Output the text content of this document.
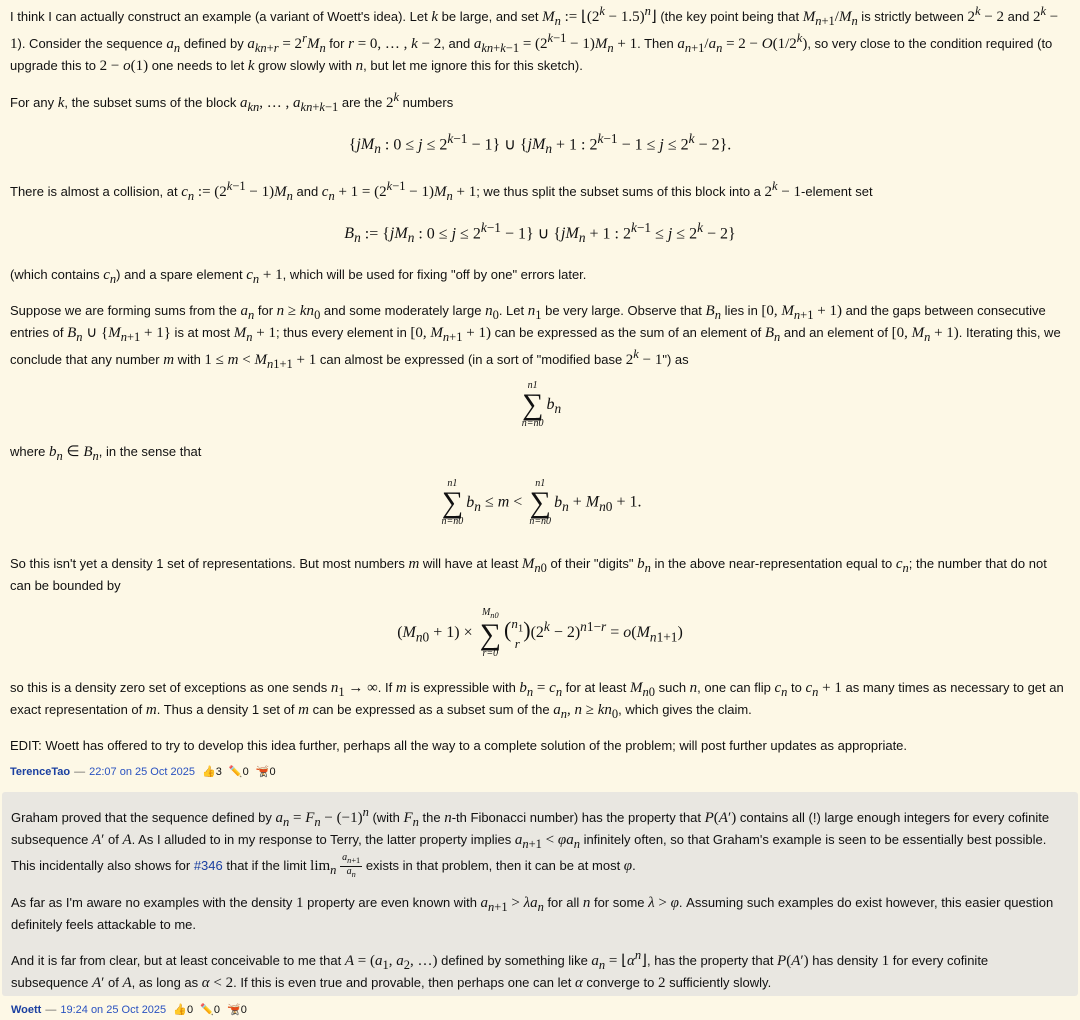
I think I can actually construct an example (a variant of Woett's idea). Let k be large, and set $M_n$ := $⌊(2^k$ − 1.5)$^n$⌋ (the key point being that $M_{n+1}/M_n$ is strictly between $2^k - 2$ and $2^k - 1$). Consider the sequence $a_n$ defined by $a_{kn+r} = 2^rM_n$ for r = 0, … , k − 2, and $a_{kn+k-1} = (2^{k-1} - 1)M_n + 1$. Then $a_{n+1}/a_n = 2 - O(1/2^k)$, so very close to the condition required (to upgrade this to 2 − o(1) one needs to let k grow slowly with n, but let me ignore this for this sketch).

For any k, the subset sums of the block $a_{kn}$, … , $a_{kn+k-1}$ are the 2$^k$ numbers

{$jM_n$ : $0 \le j \le 2^{k-1} - 1$} ∪ {$jM_n + 1$ : $2^{k-1} - 1 \le j \le 2^k - 2$}.

There is almost a collision, at $c_n$ := $(2^{k-1} - 1)M_n$ and $c_n + 1 = (2^{k-1} - 1)M_n + 1$; we thus split the subset sums of this block into a $2^k$ − 1-element set

$B_n$ := {$jM_n$ : $0 \le j \le 2^{k-1} - 1$} ∪ {$jM_n + 1$ : $2^{k-1} \le j \le 2^k - 2$}

(which contains $c_n$) and a spare element $c_n + 1$, which will be used for fixing "off by one" errors later.

Suppose we are forming sums from the $a_n$ for $n \ge kn_0$ and some moderately large $n_0$. Let $n_1$ be very large. Observe that $B_n$ lies in [0, $M_{n+1} + 1$) and the gaps between consecutive entries of $B_n$ ∪ $\{M_{n+1} + 1\}$ is at most $M_n + 1$; thus every element in [0, $M_{n+1} + 1$) can be expressed as the sum of an element of $B_n$ and an element of [0, $M_n + 1$). Iterating this, we conclude that any number m with $1 \le m < M_{n1+1} + 1$ can almost be expressed (in a sort of "modified base $2^k$ − 1") as

n1
∑
n=n0
$b_n$

where $b_n$ ∈ $B_n$, in the sense that

n1
∑
n=n0
$b_n \le m$ <
n1
∑
n=n0
$b_n + M_{n0} + 1$.

So this isn't yet a density 1 set of representations. But most numbers m will have at least $M_{n0}$ of their "digits" $b_n$ in the above near-representation equal to $c_n$; the number that do not can be bounded by

$(M_{n0} + 1)$ ×
$M_{n0}$
∑
r=0
($n_1$
$r)(2^k - 2)^{n1-r} = o(M_{n1+1})$

so this is a density zero set of exceptions as one sends $n_1$ → ∞. If m is expressible with $b_n = c_n$ for at least $M_{n0}$ such n, one can flip $c_n$ to $c_n + 1$ as many times as necessary to get an exact representation of m. Thus a density 1 set of m can be expressed as a subset sum of the $a_n$, $n \ge kn_0$, which gives the claim.

EDIT: Woett has offered to try to develop this idea further, perhaps all the way to a complete solution of the problem; will post further updates as appropriate.

TerenceTao — 22:07 on 25 Oct 2025 👍3 ✏️0 🫕0

Graham proved that the sequence defined by $a_n = F_n - (-1)^n$ (with $F_n$ the n-th Fibonacci number) has the property that P(A′) contains all (!) large enough integers for every cofinite subsequence A′ of A. As I alluded to in my response to Terry, the latter property implies $a_{n+1} < \varphi a_n$ infinitely often, so that Graham's example is seen to be essentially best possible. This incidentally also shows for #346 that if the limit $\lim_n \frac{a_{n+1}}{a_n}$ exists in that problem, then it can be at most φ.

As far as I'm aware no examples with the density 1 property are even known with $a_{n+1} > \lambda a_n$ for all n for some λ > φ. Assuming such examples do exist however, this easier question definitely feels attackable to me.

And it is far from clear, but at least conceivable to me that $A = (a_1$, $a_2$, …) defined by something like $a_n$ = $⌊\alpha^n⌋$, has the property that P(A′) has density 1 for every cofinite subsequence A′ of A, as long as α < 2. If this is even true and provable, then perhaps one can let α converge to 2 sufficiently slowly.

Woett — 19:24 on 25 Oct 2025 👍0 ✏️0 🫕0
